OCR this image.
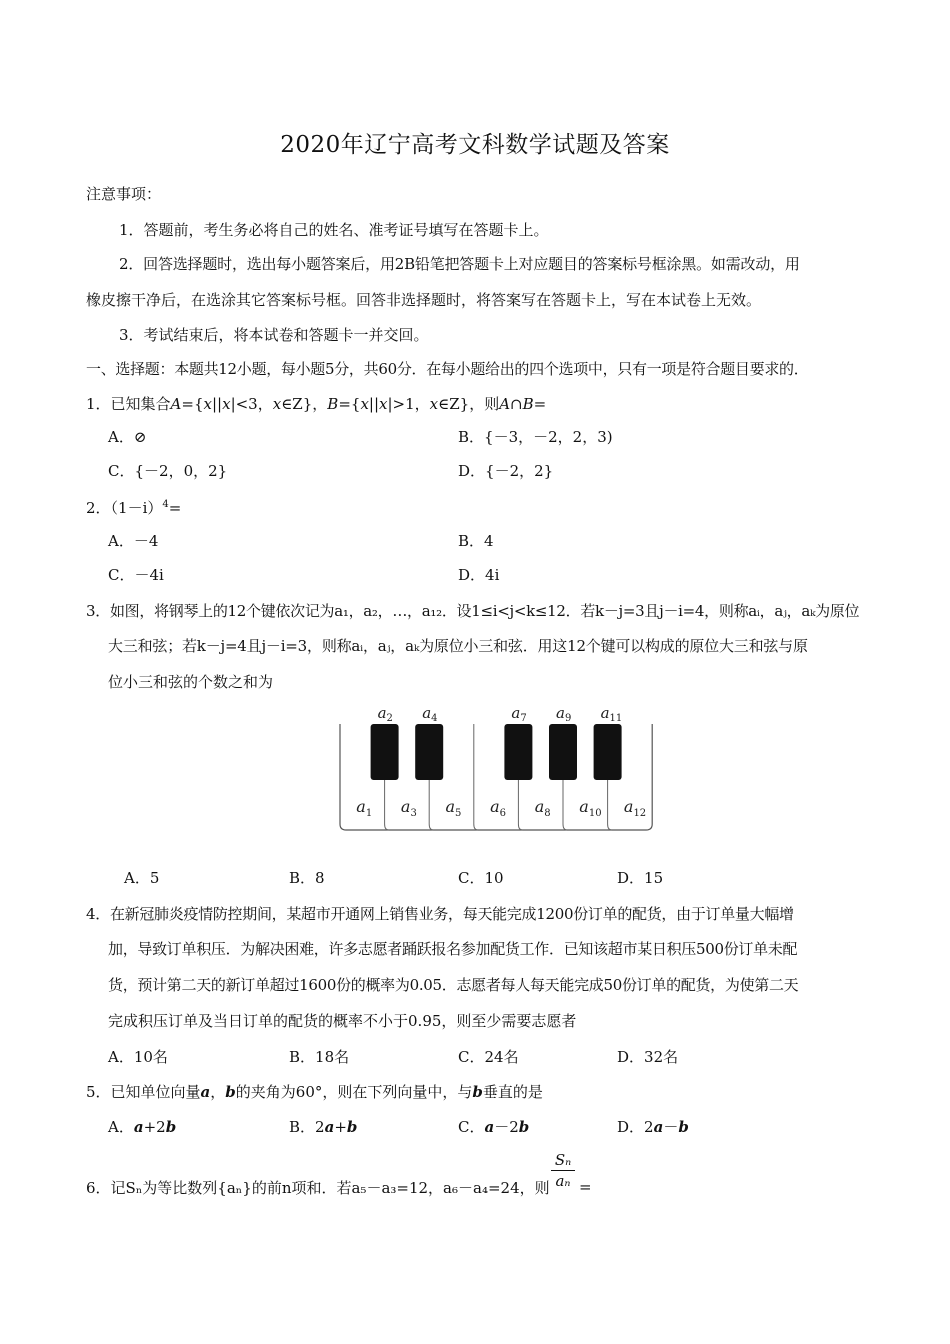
2020年辽宁高考文科数学试题及答案
注意事项：
1．答题前，考生务必将自己的姓名、准考证号填写在答题卡上。
2．回答选择题时，选出每小题答案后，用2B铅笔把答题卡上对应题目的答案标号框涂黑。如需改动，用
橡皮擦干净后，在选涂其它答案标号框。回答非选择题时，将答案写在答题卡上，写在本试卷上无效。
3．考试结束后，将本试卷和答题卡一并交回。
一、选择题：本题共12小题，每小题5分，共60分．在每小题给出的四个选项中，只有一项是符合题目要求的．
1．已知集合A={x||x|<3，x∈Z}，B={x||x|>1，x∈Z}，则A∩B=
A．⊘	B．{－3，－2，2，3)
C．{－2，0，2}	D．{－2，2}
2．$(1-i)^4=$
A．－4	B．4
C．－4i	D．4i
3．如图，将钢琴上的12个键依次记为a₁，a₂，…，a₁₂．设1≤i<j<k≤12．若k－j=3且j－i=4，则称aᵢ，aⱼ，aₖ为原位
大三和弦；若k－j=4且j－i=3，则称aᵢ，aⱼ，aₖ为原位小三和弦．用这12个键可以构成的原位大三和弦与原
位小三和弦的个数之和为
$a_1$ $a_3$ $a_5$ $a_6$ $a_8$ $a_{10}$ $a_{12}$
$a_2$ $a_4$	$a_7$ $a_9$ $a_{11}$
A．5	B．8	C．10	D．15
4．在新冠肺炎疫情防控期间，某超市开通网上销售业务，每天能完成1200份订单的配货，由于订单量大幅增
加，导致订单积压．为解决困难，许多志愿者踊跃报名参加配货工作．已知该超市某日积压500份订单未配
货，预计第二天的新订单超过1600份的概率为0.05．志愿者每人每天能完成50份订单的配货，为使第二天
完成积压订单及当日订单的配货的概率不小于0.95，则至少需要志愿者
A．10名	B．18名	C．24名	D．32名
5．已知单位向量a，b的夹角为60°，则在下列向量中，与b垂直的是
A．a+2b	B．2a+b	C．a－2b	D．2a－b
6．记Sₙ为等比数列{aₙ}的前n项和．若a₅－a₃=12，a₆－a₄=24，则
Sₙ
aₙ =
